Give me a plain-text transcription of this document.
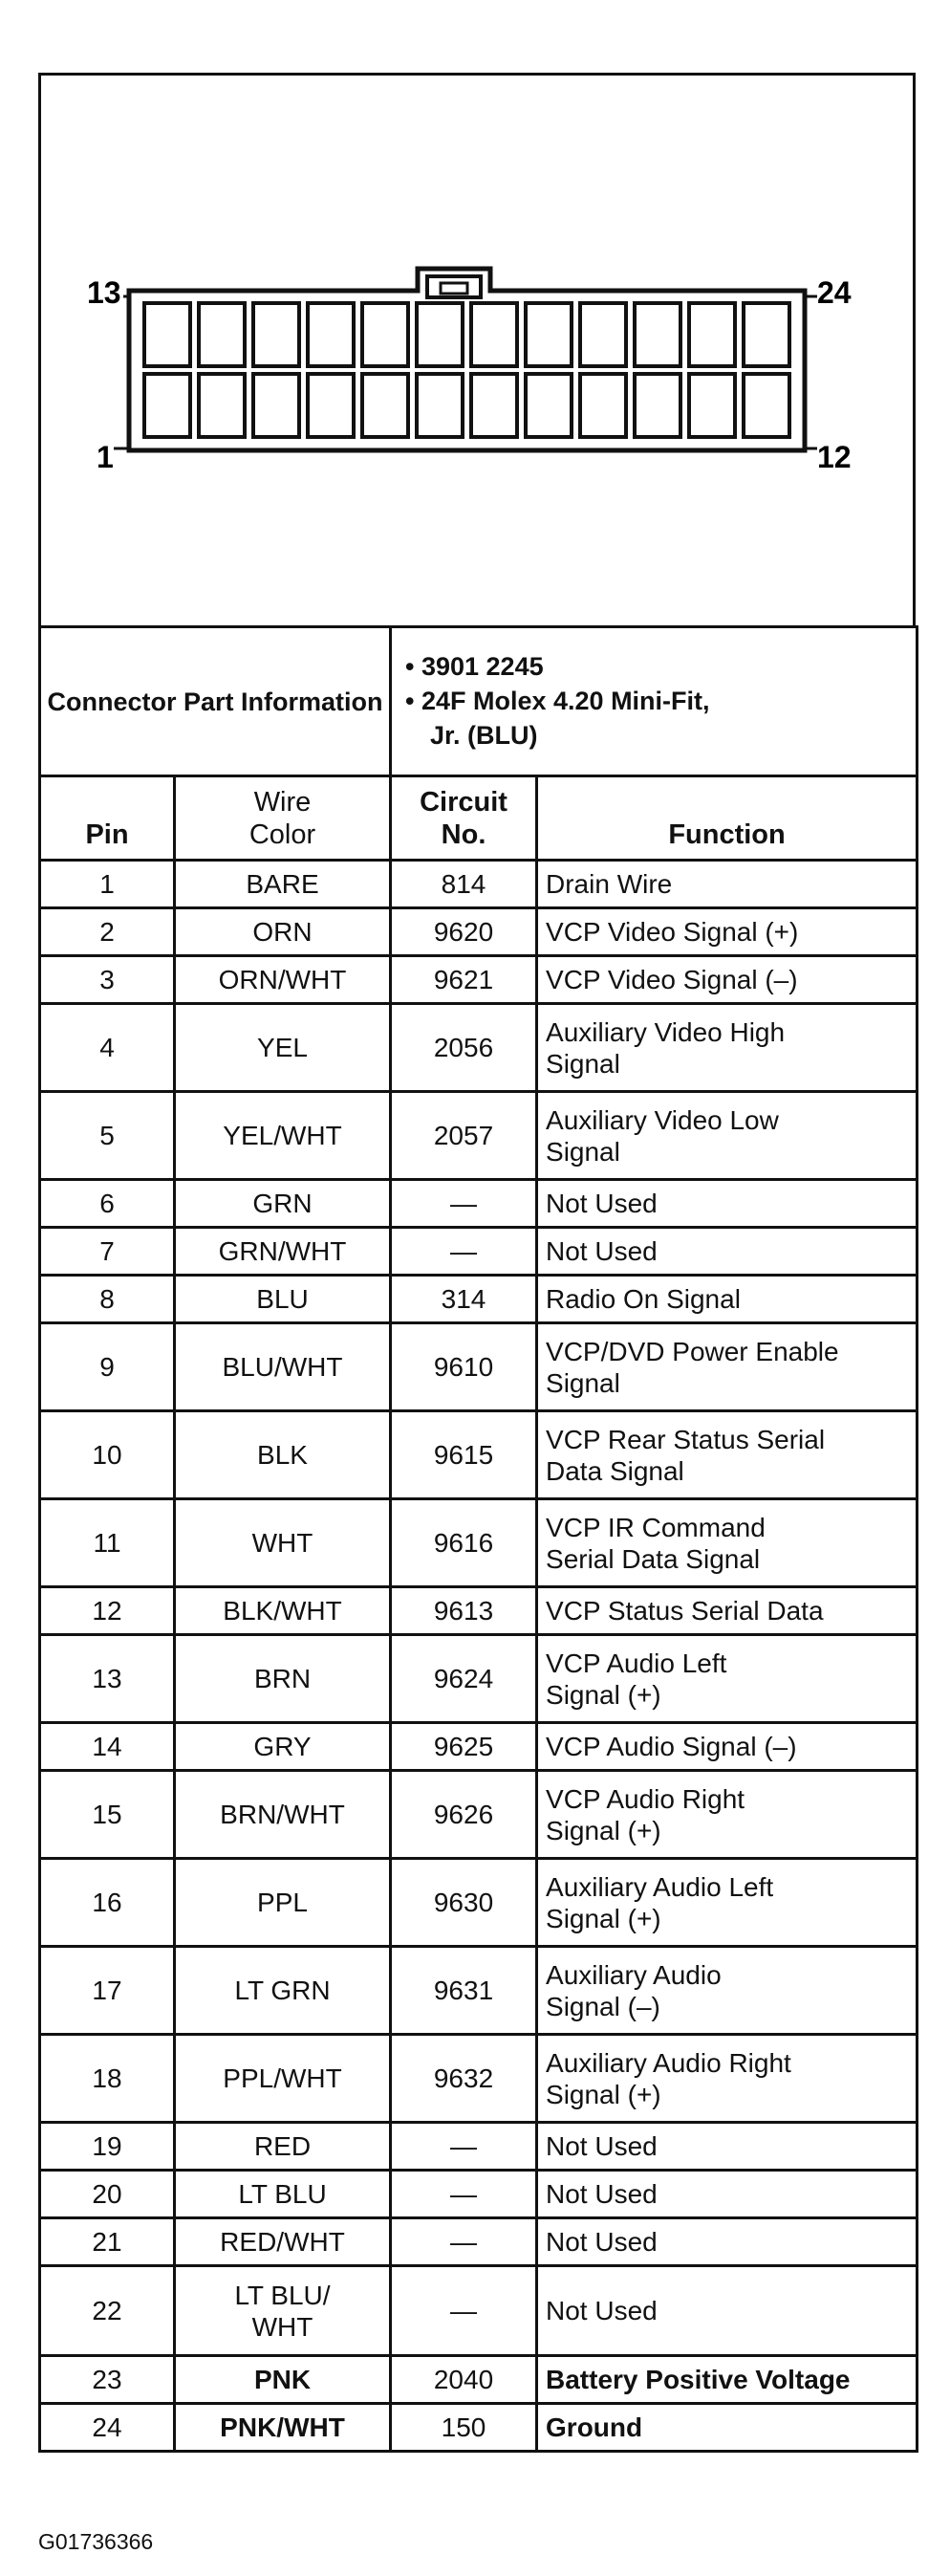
13	24
1	12
Connector Part Information		• 3901 2245
• 24F Molex 4.20 Mini-Fit,
Jr. (BLU)	

Pin	Wire Color	Circuit No.	Function
1	BARE	814	Drain Wire
2	ORN	9620	VCP Video Signal (+)
3	ORN/WHT	9621	VCP Video Signal (–)
4	YEL	2056	Auxiliary Video High
Signal
5	YEL/WHT	2057	Auxiliary Video Low
Signal
6	GRN	—	Not Used
7	GRN/WHT	—	Not Used
8	BLU	314	Radio On Signal
9	BLU/WHT	9610	VCP/DVD Power Enable
Signal
10	BLK	9615	VCP Rear Status Serial
Data Signal
11	WHT	9616	VCP IR Command
Serial Data Signal
12	BLK/WHT	9613	VCP Status Serial Data
13	BRN	9624	VCP Audio Left
Signal (+)
14	GRY	9625	VCP Audio Signal (–)
15	BRN/WHT	9626	VCP Audio Right
Signal (+)
16	PPL	9630	Auxiliary Audio Left
Signal (+)
17	LT GRN	9631	Auxiliary Audio
Signal (–)
18	PPL/WHT	9632	Auxiliary Audio Right
Signal (+)
19	RED	—	Not Used
20	LT BLU	—	Not Used
21	RED/WHT	—	Not Used
22	LT BLU/
WHT	—	Not Used
23	PNK	2040	Battery Positive Voltage
24	PNK/WHT	150	Ground
G01736366
